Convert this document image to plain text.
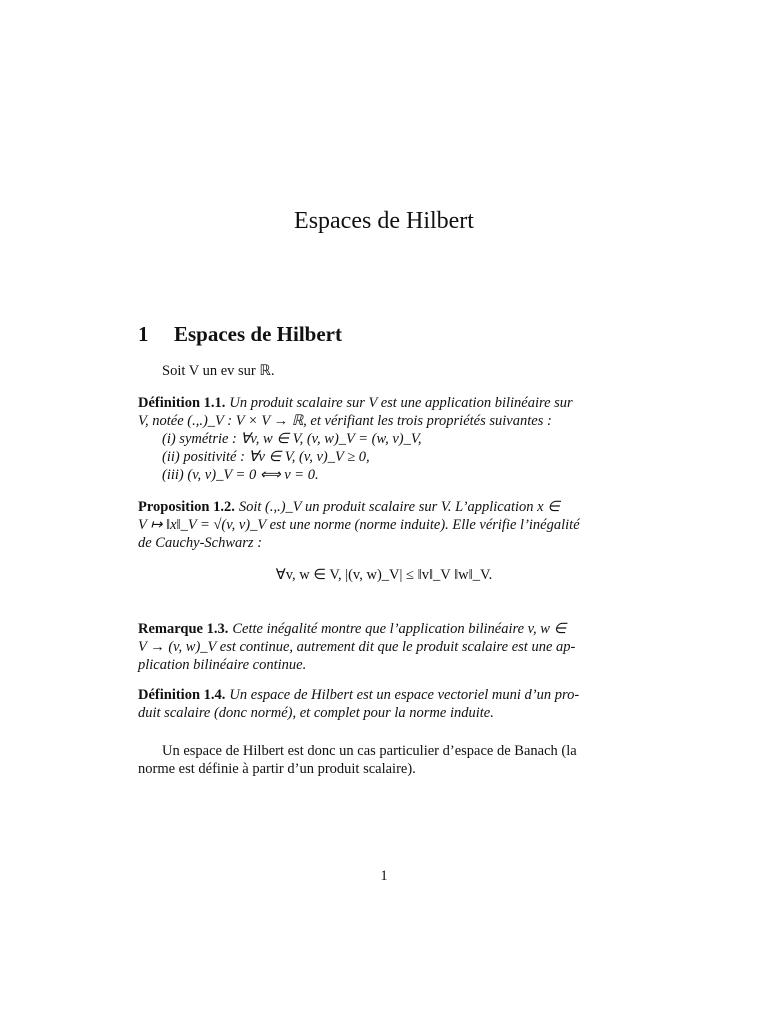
Espaces de Hilbert
1 Espaces de Hilbert
Soit V un ev sur ℝ.
Définition 1.1. Un produit scalaire sur V est une application bilinéaire sur
V, notée (.,.)_V : V × V → ℝ, et vérifiant les trois propriétés suivantes :
(i) symétrie : ∀v, w ∈ V, (v, w)_V = (w, v)_V,
(ii) positivité : ∀v ∈ V, (v, v)_V ≥ 0,
(iii) (v, v)_V = 0 ⟺ v = 0.
Proposition 1.2. Soit (.,.)_V un produit scalaire sur V. L’application x ∈
V ↦ ‖x‖_V = √(v, v)_V est une norme (norme induite). Elle vérifie l’inégalité
de Cauchy-Schwarz :
∀v, w ∈ V, |(v, w)_V| ≤ ‖v‖_V ‖w‖_V.
Remarque 1.3. Cette inégalité montre que l’application bilinéaire v, w ∈
V → (v, w)_V est continue, autrement dit que le produit scalaire est une ap-
plication bilinéaire continue.
Définition 1.4. Un espace de Hilbert est un espace vectoriel muni d’un pro-
duit scalaire (donc normé), et complet pour la norme induite.
Un espace de Hilbert est donc un cas particulier d’espace de Banach (la
norme est définie à partir d’un produit scalaire).
1
